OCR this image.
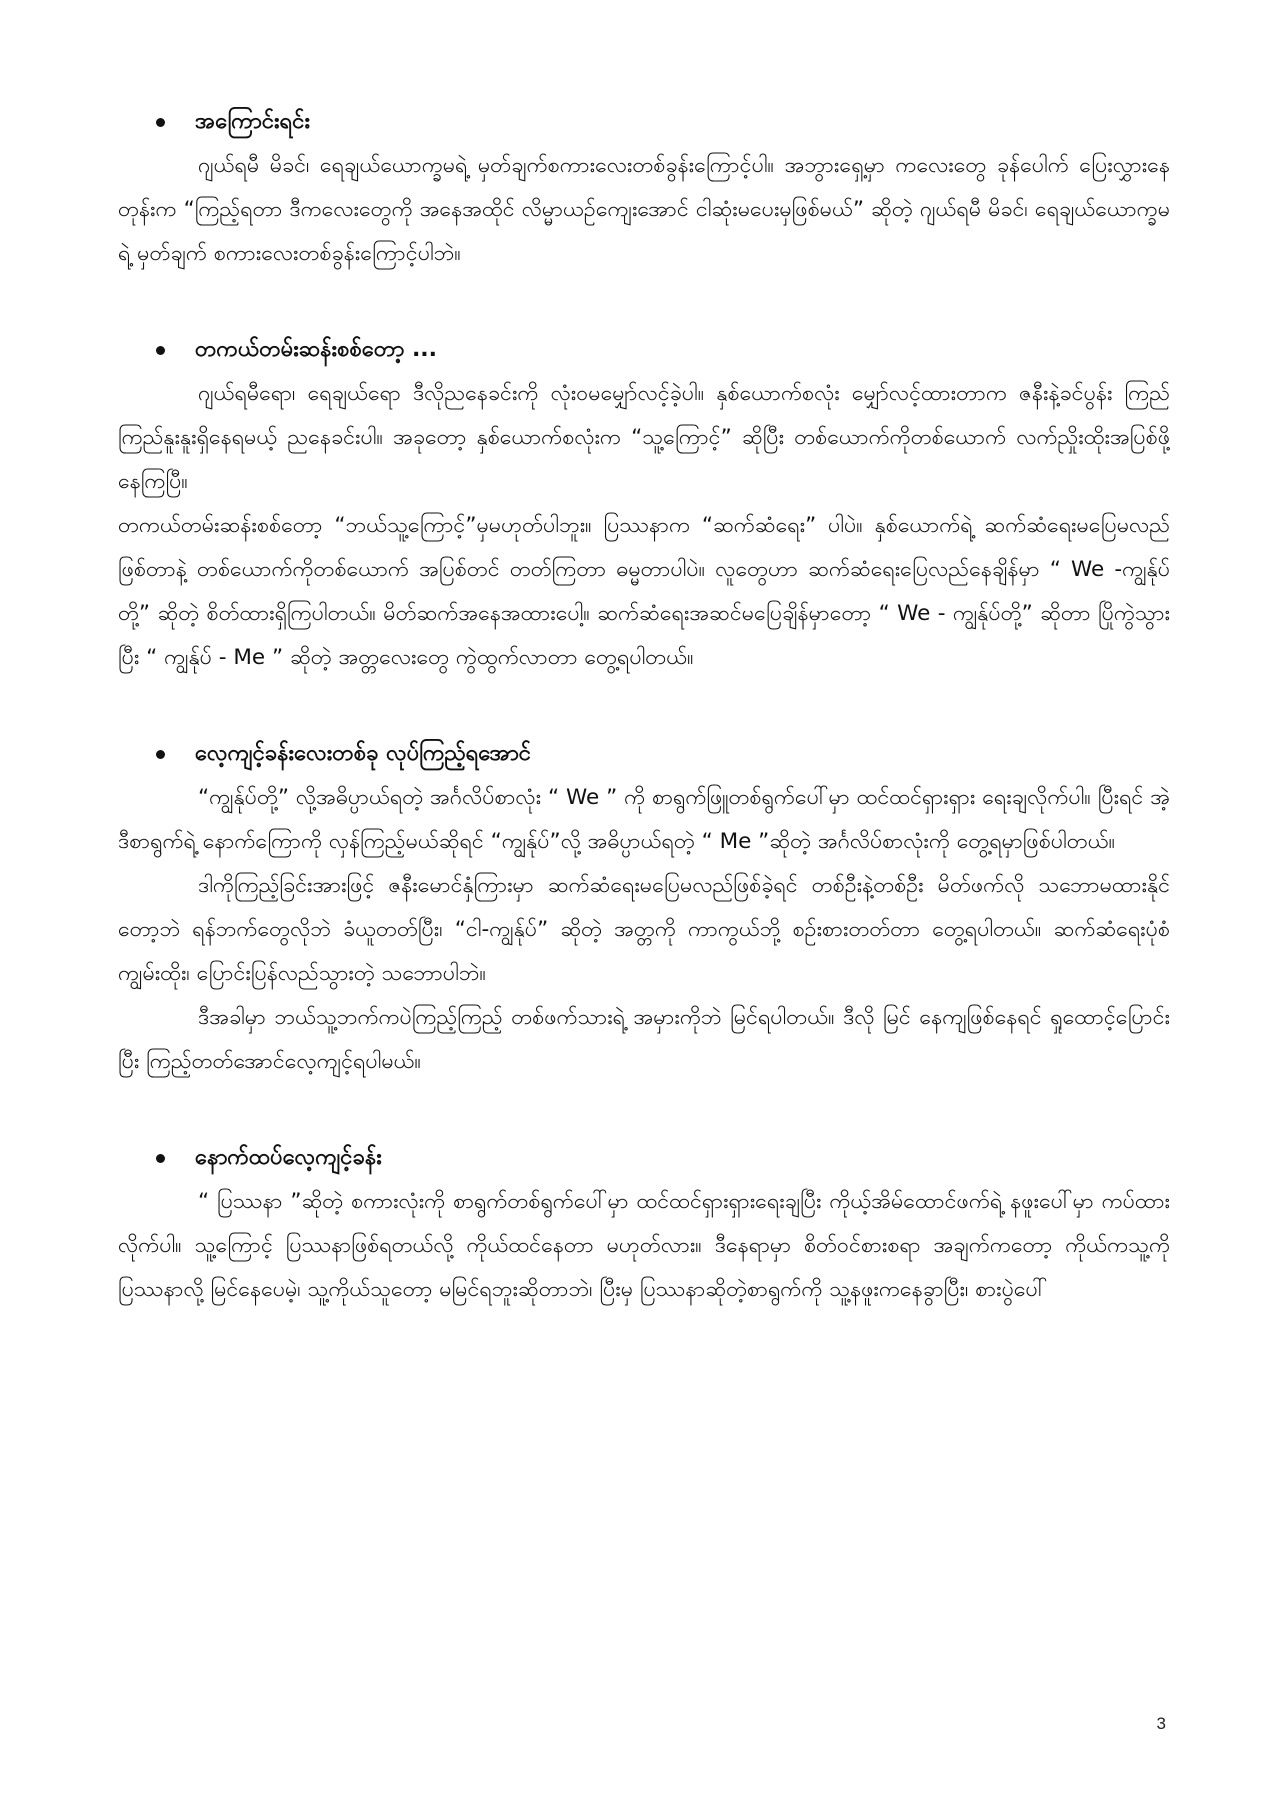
အကြောင်းရင်း

ဂျယ်ရမီ မိခင်၊ ရေချယ်ယောက္ခမရဲ့ မှတ်ချက်စကားလေးတစ်ခွန်းကြောင့်ပါ။ အဘွားရှေ့မှာ ကလေးတွေ ခုန်ပေါက် ပြေးလွှားနေတုန်းက “ကြည့်ရတာ ဒီကလေးတွေကို အနေအထိုင် လိမ္မာယဉ်ကျေးအောင် ငါဆုံးမပေးမှဖြစ်မယ်” ဆိုတဲ့ ဂျယ်ရမီ မိခင်၊ ရေချယ်ယောက္ခမရဲ့ မှတ်ချက် စကားလေးတစ်ခွန်းကြောင့်ပါဘဲ။

တကယ်တမ်းဆန်းစစ်တော့ ...

ဂျယ်ရမီရော၊ ရေချယ်ရော ဒီလိုညနေခင်းကို လုံးဝမမျှော်လင့်ခဲ့ပါ။ နှစ်ယောက်စလုံး မျှော်လင့်ထားတာက ဇနီးနဲ့ခင်ပွန်း ကြည်ကြည်နူးနူးရှိနေရမယ့် ညနေခင်းပါ။ အခုတော့ နှစ်ယောက်စလုံးက “သူ့ကြောင့်” ဆိုပြီး တစ်ယောက်ကိုတစ်ယောက် လက်ညှိုးထိုးအပြစ်ဖို့ နေကြပြီ။

တကယ်တမ်းဆန်းစစ်တော့ “ဘယ်သူ့ကြောင့်”မှမဟုတ်ပါဘူး။ ပြဿနာက “ဆက်ဆံရေး” ပါပဲ။ နှစ်ယောက်ရဲ့ ဆက်ဆံရေးမပြေမလည် ဖြစ်တာနဲ့ တစ်ယောက်ကိုတစ်ယောက် အပြစ်တင် တတ်ကြတာ ဓမ္မတာပါပဲ။ လူတွေဟာ ဆက်ဆံရေးပြေလည်နေချိန်မှာ “ We -ကျွန်ုပ်တို့” ဆိုတဲ့ စိတ်ထားရှိကြပါတယ်။ မိတ်ဆက်အနေအထားပေါ့။ ဆက်ဆံရေးအဆင်မပြေချိန်မှာတော့ “ We - ကျွန်ုပ်တို့” ဆိုတာ ပြိုကွဲသွားပြီး “ ကျွန်ုပ် - Me ” ဆိုတဲ့ အတ္တလေးတွေ ကွဲထွက်လာတာ တွေ့ရပါတယ်။

လေ့ကျင့်ခန်းလေးတစ်ခု လုပ်ကြည့်ရအောင်

“ကျွန်ုပ်တို့” လို့အဓိပ္ပာယ်ရတဲ့ အင်္ဂလိပ်စာလုံး “ We ” ကို စာရွက်ဖြူတစ်ရွက်ပေါ်မှာ ထင်ထင်ရှားရှား ရေးချလိုက်ပါ။ ပြီးရင် အဲ့ဒီစာရွက်ရဲ့ နောက်ကြောကို လှန်ကြည့်မယ်ဆိုရင် “ကျွန်ုပ်”လို့ အဓိပ္ပာယ်ရတဲ့ “ Me ”ဆိုတဲ့ အင်္ဂလိပ်စာလုံးကို တွေ့ရမှာဖြစ်ပါတယ်။

ဒါကိုကြည့်ခြင်းအားဖြင့် ဇနီးမောင်နှံကြားမှာ ဆက်ဆံရေးမပြေမလည်ဖြစ်ခဲ့ရင် တစ်ဦးနဲ့တစ်ဦး မိတ်ဖက်လို သဘောမထားနိုင်တော့ဘဲ ရန်ဘက်တွေလိုဘဲ ခံယူတတ်ပြီး၊ “ငါ-ကျွန်ုပ်” ဆိုတဲ့ အတ္တကို ကာကွယ်ဘို့ စဉ်းစားတတ်တာ တွေ့ရပါတယ်။ ဆက်ဆံရေးပုံစံ ကျွမ်းထိုး၊ ပြောင်းပြန်လည်သွားတဲ့ သဘောပါဘဲ။

ဒီအခါမှာ ဘယ်သူ့ဘက်ကပဲကြည့်ကြည့် တစ်ဖက်သားရဲ့ အမှားကိုဘဲ မြင်ရပါတယ်။ ဒီလို မြင် နေကျဖြစ်နေရင် ရှုထောင့်ပြောင်းပြီး ကြည့်တတ်အောင်လေ့ကျင့်ရပါမယ်။

နောက်ထပ်လေ့ကျင့်ခန်း

“ ပြဿနာ ”ဆိုတဲ့ စကားလုံးကို စာရွက်တစ်ရွက်ပေါ်မှာ ထင်ထင်ရှားရှားရေးချပြီး ကိုယ့်အိမ်ထောင်ဖက်ရဲ့ နဖူးပေါ်မှာ ကပ်ထားလိုက်ပါ။ သူ့ကြောင့် ပြဿနာဖြစ်ရတယ်လို့ ကိုယ်ထင်နေတာ မဟုတ်လား။ ဒီနေရာမှာ စိတ်ဝင်စားစရာ အချက်ကတော့ ကိုယ်ကသူ့ကို ပြဿနာလို့ မြင်နေပေမဲ့၊ သူ့ကိုယ်သူတော့ မမြင်ရဘူးဆိုတာဘဲ၊ ပြီးမှ ပြဿနာဆိုတဲ့စာရွက်ကို သူ့နဖူးကနေခွာပြီး၊ စားပွဲပေါ်

3
